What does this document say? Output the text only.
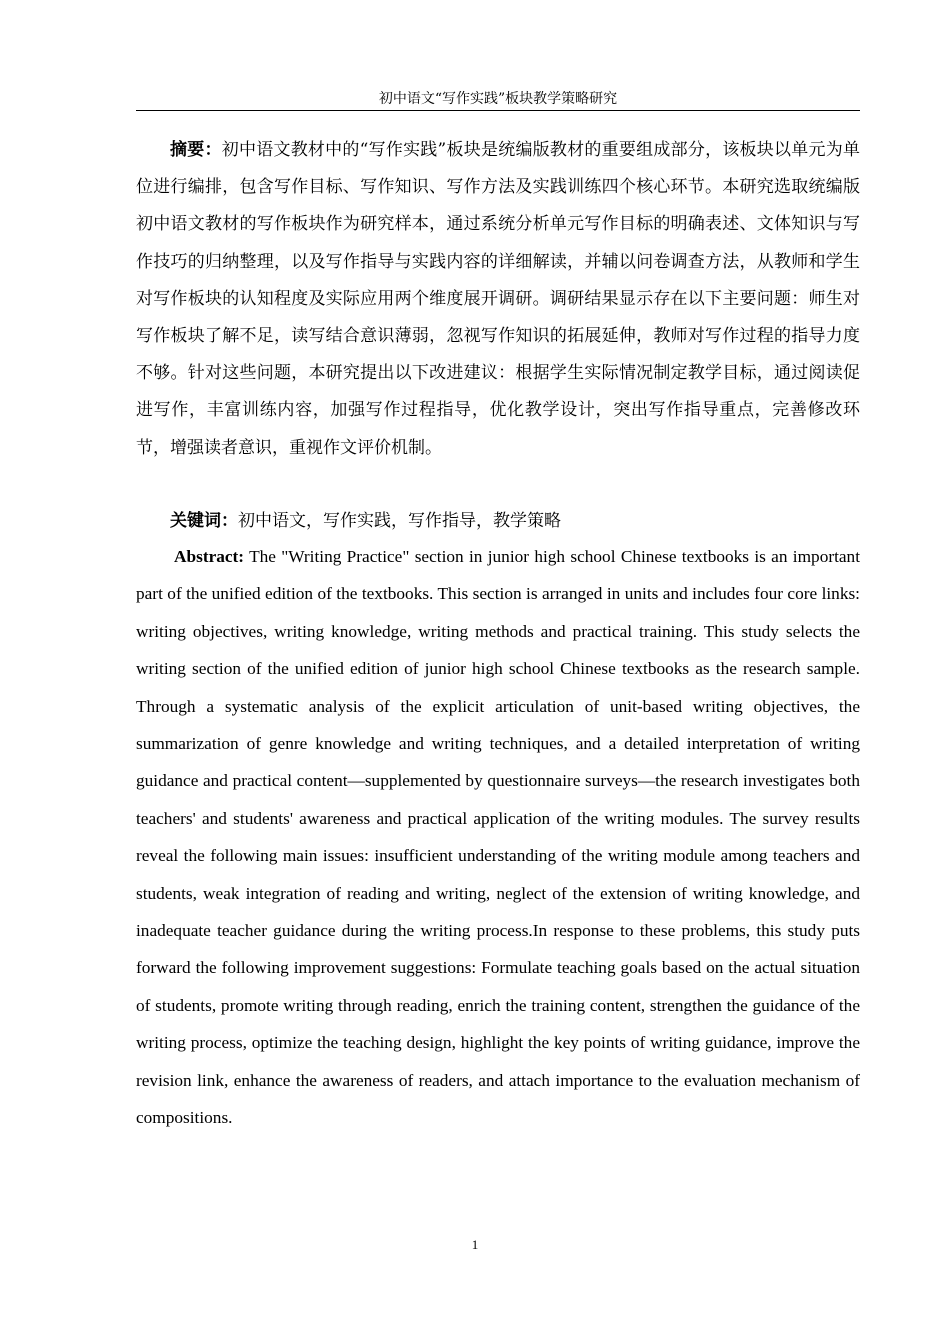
初中语文“写作实践”板块教学策略研究

摘要：初中语文教材中的“写作实践”板块是统编版教材的重要组成部分，该板块以单元为单位进行编排，包含写作目标、写作知识、写作方法及实践训练四个核心环节。本研究选取统编版初中语文教材的写作板块作为研究样本，通过系统分析单元写作目标的明确表述、文体知识与写作技巧的归纳整理，以及写作指导与实践内容的详细解读，并辅以问卷调查方法，从教师和学生对写作板块的认知程度及实际应用两个维度展开调研。调研结果显示存在以下主要问题：师生对写作板块了解不足，读写结合意识薄弱，忽视写作知识的拓展延伸，教师对写作过程的指导力度不够。针对这些问题，本研究提出以下改进建议：根据学生实际情况制定教学目标，通过阅读促进写作，丰富训练内容，加强写作过程指导，优化教学设计，突出写作指导重点，完善修改环节，增强读者意识，重视作文评价机制。

关键词：初中语文，写作实践，写作指导，教学策略

Abstract: The "Writing Practice" section in junior high school Chinese textbooks is an important part of the unified edition of the textbooks. This section is arranged in units and includes four core links: writing objectives, writing knowledge, writing methods and practical training. This study selects the writing section of the unified edition of junior high school Chinese textbooks as the research sample. Through a systematic analysis of the explicit articulation of unit-based writing objectives, the summarization of genre knowledge and writing techniques, and a detailed interpretation of writing guidance and practical content—supplemented by questionnaire surveys—the research investigates both teachers' and students' awareness and practical application of the writing modules. The survey results reveal the following main issues: insufficient understanding of the writing module among teachers and students, weak integration of reading and writing, neglect of the extension of writing knowledge, and inadequate teacher guidance during the writing process.In response to these problems, this study puts forward the following improvement suggestions: Formulate teaching goals based on the actual situation of students, promote writing through reading, enrich the training content, strengthen the guidance of the writing process, optimize the teaching design, highlight the key points of writing guidance, improve the revision link, enhance the awareness of readers, and attach importance to the evaluation mechanism of compositions.

1
